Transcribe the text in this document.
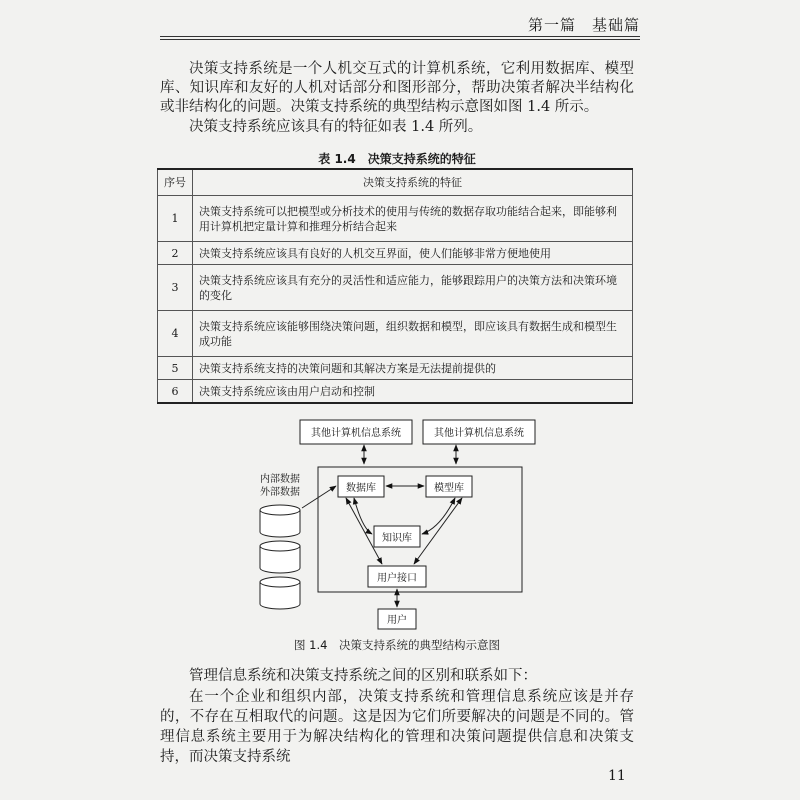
第一篇　基础篇

决策支持系统是一个人机交互式的计算机系统，它利用数据库、模型库、知识库和友好的人机对话部分和图形部分，帮助决策者解决半结构化或非结构化的问题。决策支持系统的典型结构示意图如图 1.4 所示。

决策支持系统应该具有的特征如表 1.4 所列。

表 1.4　决策支持系统的特征
序号	决策支持系统的特征
1	决策支持系统可以把模型或分析技术的使用与传统的数据存取功能结合起来，即能够利用计算机把定量计算和推理分析结合起来
2	决策支持系统应该具有良好的人机交互界面，使人们能够非常方便地使用
3	决策支持系统应该具有充分的灵活性和适应能力，能够跟踪用户的决策方法和决策环境的变化
4	决策支持系统应该能够围绕决策问题，组织数据和模型，即应该具有数据生成和模型生成功能
5	决策支持系统支持的决策问题和其解决方案是无法提前提供的
6	决策支持系统应该由用户启动和控制
其他计算机信息系统	其他计算机信息系统
数据库	模型库
知识库
用户接口
用户
内部数据
外部数据
图 1.4　决策支持系统的典型结构示意图

管理信息系统和决策支持系统之间的区别和联系如下：

在一个企业和组织内部，决策支持系统和管理信息系统应该是并存的，不存在互相取代的问题。这是因为它们所要解决的问题是不同的。管理信息系统主要用于为解决结构化的管理和决策问题提供信息和决策支持，而决策支持系统

11
